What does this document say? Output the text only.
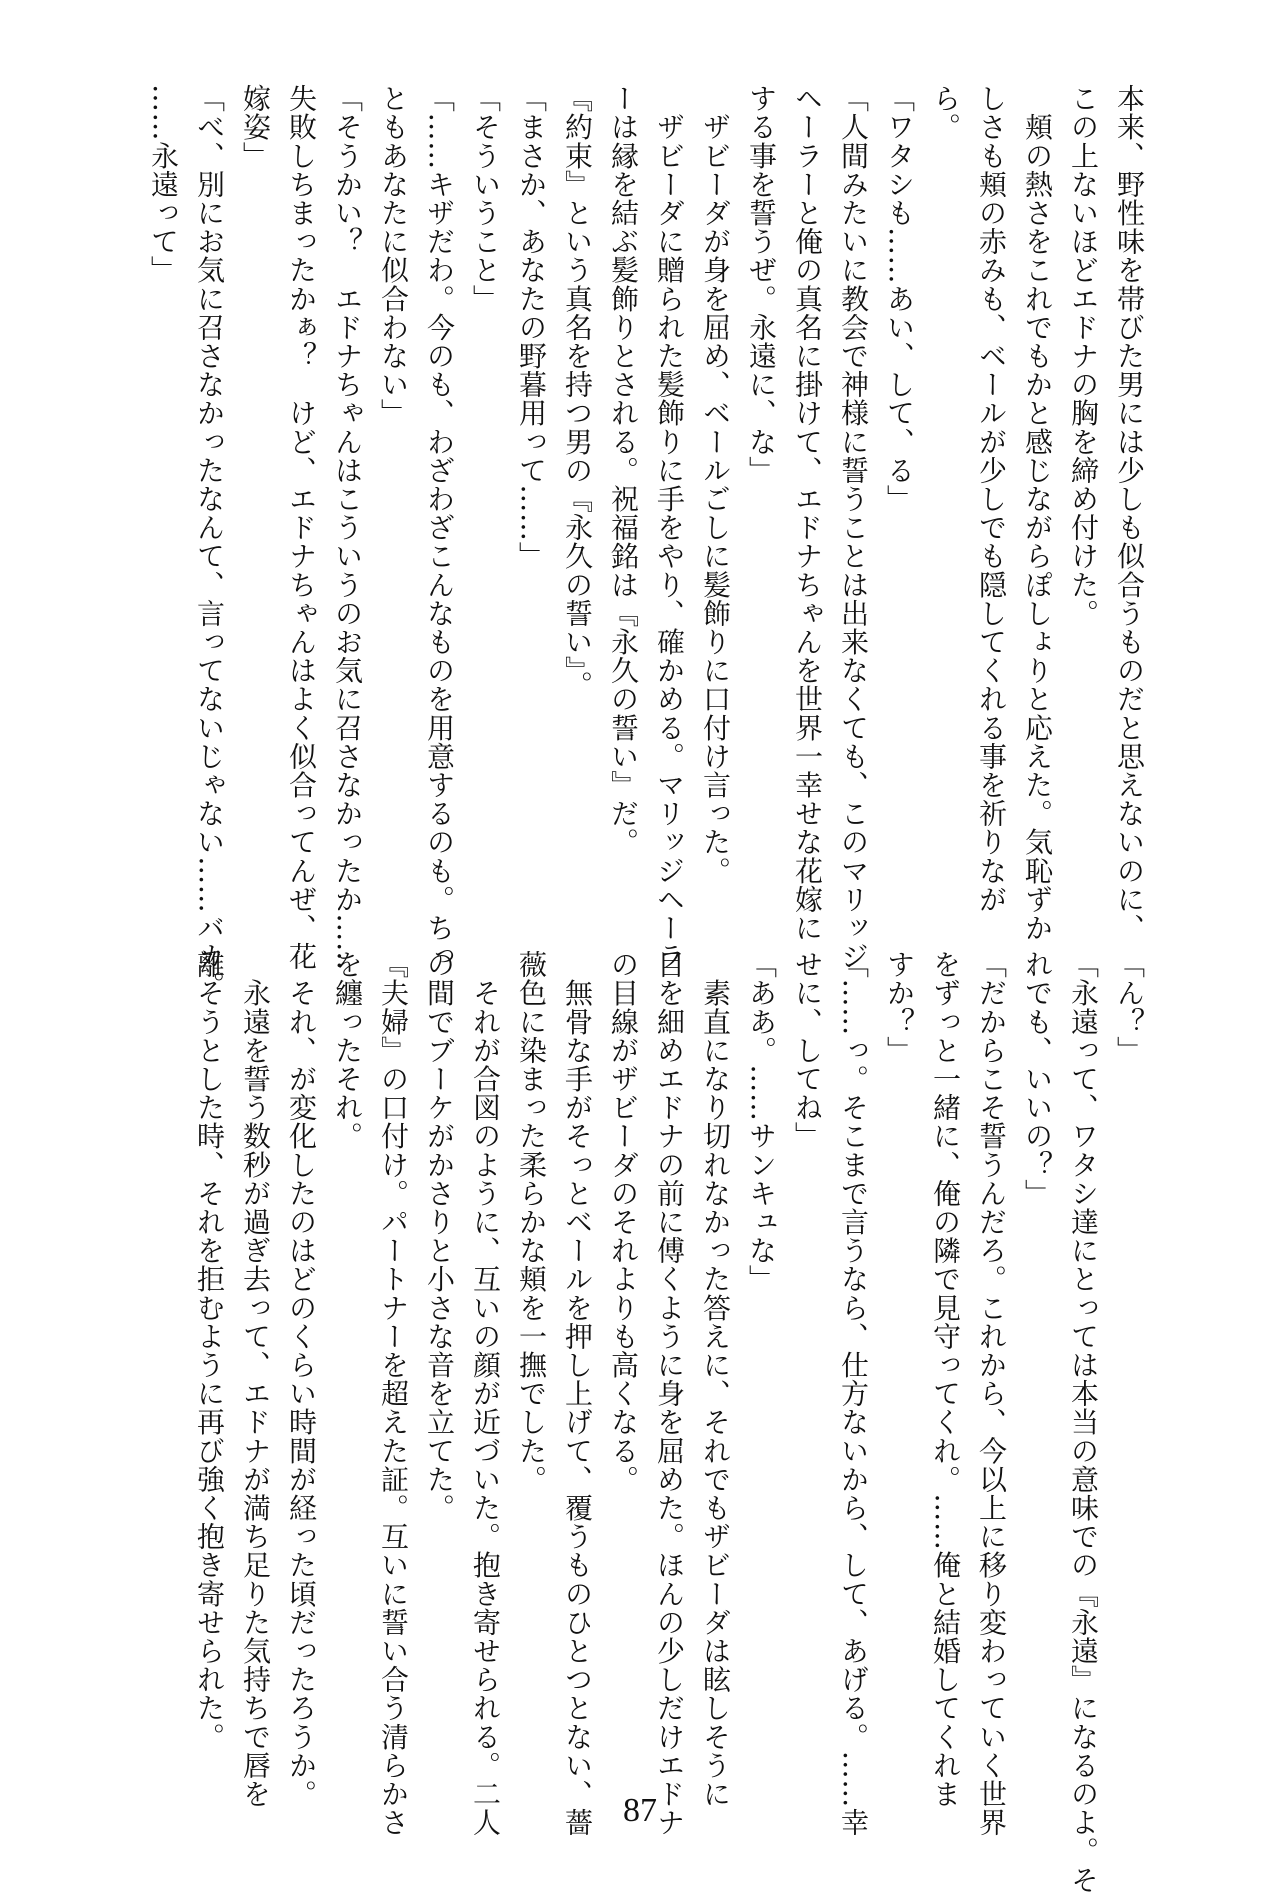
本来、野性味を帯びた男には少しも似合うものだと思えないのに、
この上ないほどエドナの胸を締め付けた。
　頬の熱さをこれでもかと感じながらぽしょりと応えた。気恥ずか
しさも頬の赤みも、ベールが少しでも隠してくれる事を祈りなが
ら。
「ワタシも……あい、して、る」
「人間みたいに教会で神様に誓うことは出来なくても、このマリッジ
ヘーラーと俺の真名に掛けて、エドナちゃんを世界一幸せな花嫁に
する事を誓うぜ。永遠に、な」
　ザビーダが身を屈め、ベールごしに髪飾りに口付け言った。
　ザビーダに贈られた髪飾りに手をやり、確かめる。マリッジヘーラ
ーは縁を結ぶ髪飾りとされる。祝福銘は『永久の誓い』だ。
『約束』という真名を持つ男の『永久の誓い』。
「まさか、あなたの野暮用って……」
「そういうこと」
「……キザだわ。今のも、わざわざこんなものを用意するのも。ちっ
ともあなたに似合わない」
「そうかい？　エドナちゃんはこういうのお気に召さなかったか……
失敗しちまったかぁ？　けど、エドナちゃんはよく似合ってんぜ、花
嫁姿」
「べ、別にお気に召さなかったなんて、言ってないじゃない……バカ。
……永遠って」
「ん？」
「永遠って、ワタシ達にとっては本当の意味での『永遠』になるのよ。そ
れでも、いいの？」
「だからこそ誓うんだろ。これから、今以上に移り変わっていく世界
をずっと一緒に、俺の隣で見守ってくれ。……俺と結婚してくれま
すか？」
「……っ。そこまで言うなら、仕方ないから、して、あげる。……幸
せに、してね」
「ああ。……サンキュな」
　素直になり切れなかった答えに、それでもザビーダは眩しそうに
目を細めエドナの前に傅くように身を屈めた。ほんの少しだけエドナ
の目線がザビーダのそれよりも高くなる。
　無骨な手がそっとベールを押し上げて、覆うものひとつとない、薔
薇色に染まった柔らかな頬を一撫でした。
　それが合図のように、互いの顔が近づいた。抱き寄せられる。二人
の間でブーケがかさりと小さな音を立てた。
『夫婦』の口付け。パートナーを超えた証。互いに誓い合う清らかさ
を纏ったそれ。
　それ、が変化したのはどのくらい時間が経った頃だったろうか。
　永遠を誓う数秒が過ぎ去って、エドナが満ち足りた気持ちで唇を
離そうとした時、それを拒むように再び強く抱き寄せられた。
87
